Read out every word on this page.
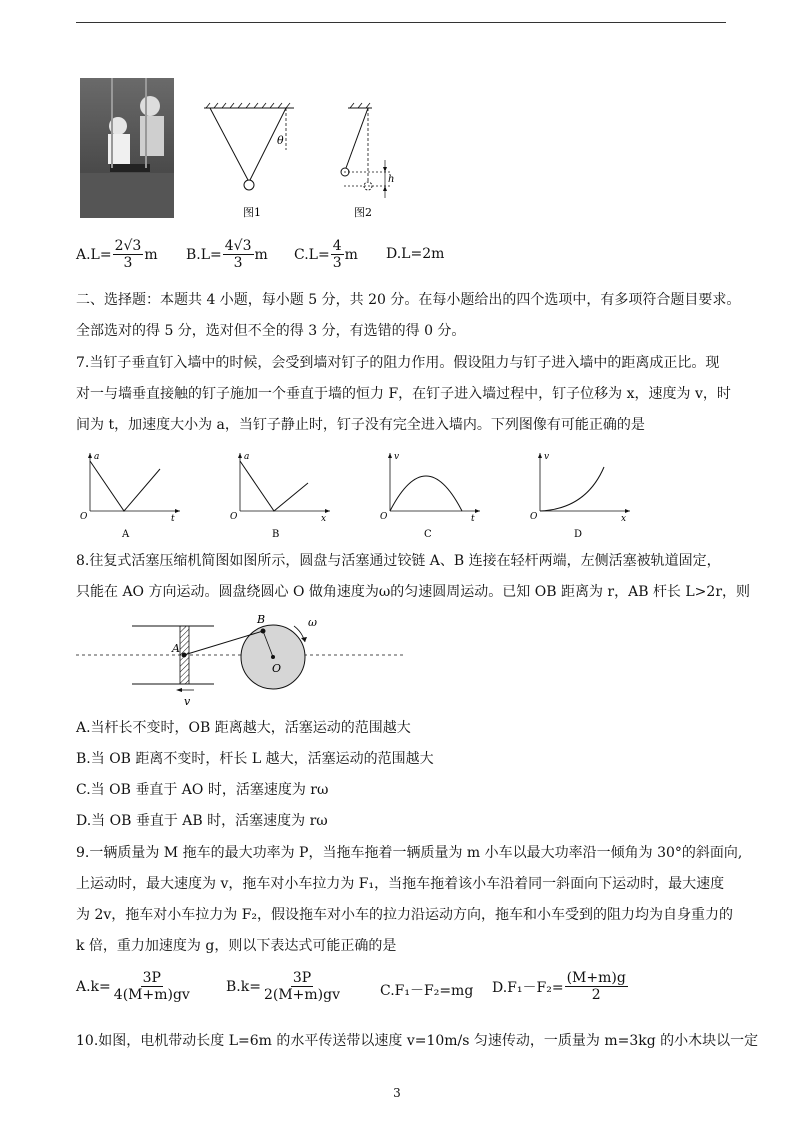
θ
图1
h
图2
$A.L= \frac{2√3}{3}$ m $B.L= \frac{4√3}{3}$ m $C.L= \frac{4}{3}$ m D.L=2m
二、选择题：本题共 4 小题，每小题 5 分，共 20 分。在每小题给出的四个选项中，有多项符合题目要求。
全部选对的得 5 分，选对但不全的得 3 分，有选错的得 0 分。
7.当钉子垂直钉入墙中的时候，会受到墙对钉子的阻力作用。假设阻力与钉子进入墙中的距离成正比。现
对一与墙垂直接触的钉子施加一个垂直于墙的恒力 F，在钉子进入墙过程中，钉子位移为 x，速度为 v，时
间为 t，加速度大小为 a，当钉子静止时，钉子没有完全进入墙内。下列图像有可能正确的是
a
t
O
A
a
x
O
B
v
t
O
C
v
x
O
D
8.往复式活塞压缩机简图如图所示，圆盘与活塞通过铰链 A、B 连接在轻杆两端，左侧活塞被轨道固定，
只能在 AO 方向运动。圆盘绕圆心 O 做角速度为ω的匀速圆周运动。已知 OB 距离为 r，AB 杆长 L>2r，则
A
B
O
ω
v
A.当杆长不变时，OB 距离越大，活塞运动的范围越大
B.当 OB 距离不变时，杆长 L 越大，活塞运动的范围越大
C.当 OB 垂直于 AO 时，活塞速度为 rω
D.当 OB 垂直于 AB 时，活塞速度为 rω
9.一辆质量为 M 拖车的最大功率为 P，当拖车拖着一辆质量为 m 小车以最大功率沿一倾角为 30°的斜面向,
上运动时，最大速度为 v，拖车对小车拉力为 F₁，当拖车拖着该小车沿着同一斜面向下运动时，最大速度
为 2v，拖车对小车拉力为 F₂，假设拖车对小车的拉力沿运动方向，拖车和小车受到的阻力均为自身重力的
k 倍，重力加速度为 g，则以下表达式可能正确的是
$A.k= \frac{3P}{4(M+m)gv} B.k= \frac{3P}{2(M+m)gv}$	C.F₁－F₂=mg $D.F_1-F_2= \frac{(M+m)g}{2}$
10.如图，电机带动长度 L=6m 的水平传送带以速度 v=10m/s 匀速传动，一质量为 m=3kg 的小木块以一定
3
